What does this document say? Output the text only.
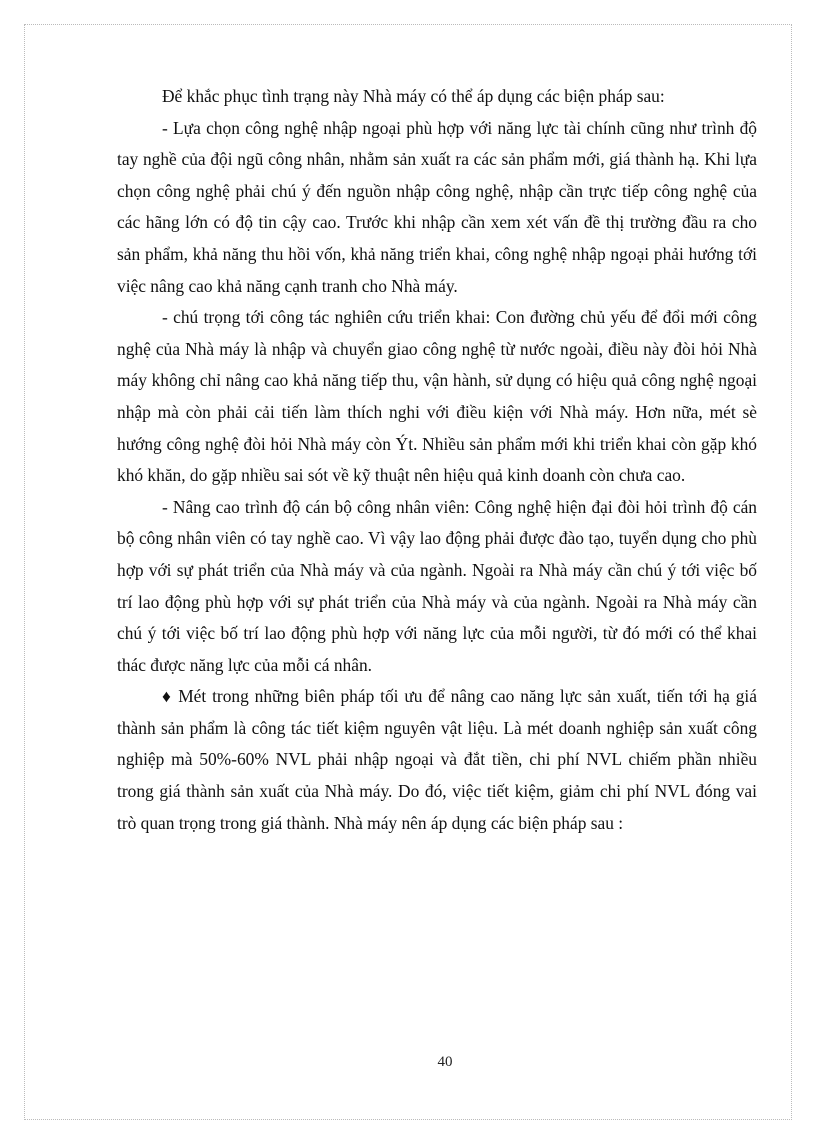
Để khắc phục tình trạng này Nhà máy có thể áp dụng các biện pháp sau:

- Lựa chọn công nghệ nhập ngoại phù hợp với năng lực tài chính cũng như trình độ tay nghề của đội ngũ công nhân, nhằm sản xuất ra các sản phẩm mới, giá thành hạ. Khi lựa chọn công nghệ phải chú ý đến nguồn nhập công nghệ, nhập cần trực tiếp công nghệ của các hãng lớn có độ tin cậy cao. Trước khi nhập cần xem xét vấn đề thị trường đầu ra cho sản phẩm, khả năng thu hồi vốn, khả năng triển khai, công nghệ nhập ngoại phải hướng tới việc nâng cao khả năng cạnh tranh cho Nhà máy.

- chú trọng tới công tác nghiên cứu triển khai: Con đường chủ yếu để đổi mới công nghệ của Nhà máy là nhập và chuyển giao công nghệ từ nước ngoài, điều này đòi hỏi Nhà máy không chỉ nâng cao khả năng tiếp thu, vận hành, sử dụng có hiệu quả công nghệ ngoại nhập mà còn phải cải tiến làm thích nghi với điều kiện với Nhà máy. Hơn nữa, mét sè hướng công nghệ đòi hỏi Nhà máy còn Ýt. Nhiều sản phẩm mới khi triển khai còn gặp khó khó khăn, do gặp nhiều sai sót về kỹ thuật nên hiệu quả kinh doanh còn chưa cao.

- Nâng cao trình độ cán bộ công nhân viên: Công nghệ hiện đại đòi hỏi trình độ cán bộ công nhân viên có tay nghề cao. Vì vậy lao động phải được đào tạo, tuyển dụng cho phù hợp với sự phát triển của Nhà máy và của ngành. Ngoài ra Nhà máy cần chú ý tới việc bố trí lao động phù hợp với sự phát triển của Nhà máy và của ngành. Ngoài ra Nhà máy cần chú ý tới việc bố trí lao động phù hợp với năng lực của mỗi người, từ đó mới có thể khai thác được năng lực của mỗi cá nhân.

♦ Mét trong những biên pháp tối ưu để nâng cao năng lực sản xuất, tiến tới hạ giá thành sản phẩm là công tác tiết kiệm nguyên vật liệu. Là mét doanh nghiệp sản xuất công nghiệp mà 50%-60% NVL phải nhập ngoại và đắt tiền, chi phí NVL chiếm phần nhiều trong giá thành sản xuất của Nhà máy. Do đó, việc tiết kiệm, giảm chi phí NVL đóng vai trò quan trọng trong giá thành. Nhà máy nên áp dụng các biện pháp sau :

40
